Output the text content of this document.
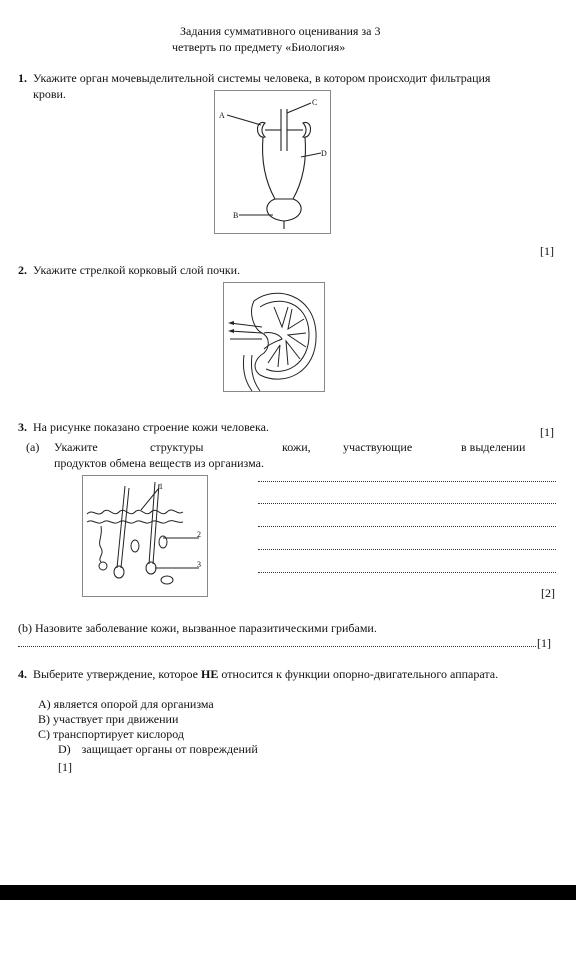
Задания суммативного оценивания за 3
четверть по предмету «Биология»
1. Укажите орган мочевыделительной системы человека, в котором происходит фильтрация
крови.
A
C
D
B
[1]
2. Укажите стрелкой корковый слой почки.
3. На рисунке показано строение кожи человека.	[1]
(a) Укажите	структуры	кожи,	участвующие	в выделении
продуктов обмена веществ из организма.
1
2
3
[2]
(b) Назовите заболевание кожи, вызванное паразитическими грибами.
[1]
4. Выберите утверждение, которое НЕ относится к функции опорно-двигательного аппарата.
A) является опорой для организма
B) участвует при движении
C) транспортирует кислород
D) защищает органы от повреждений
[1]
